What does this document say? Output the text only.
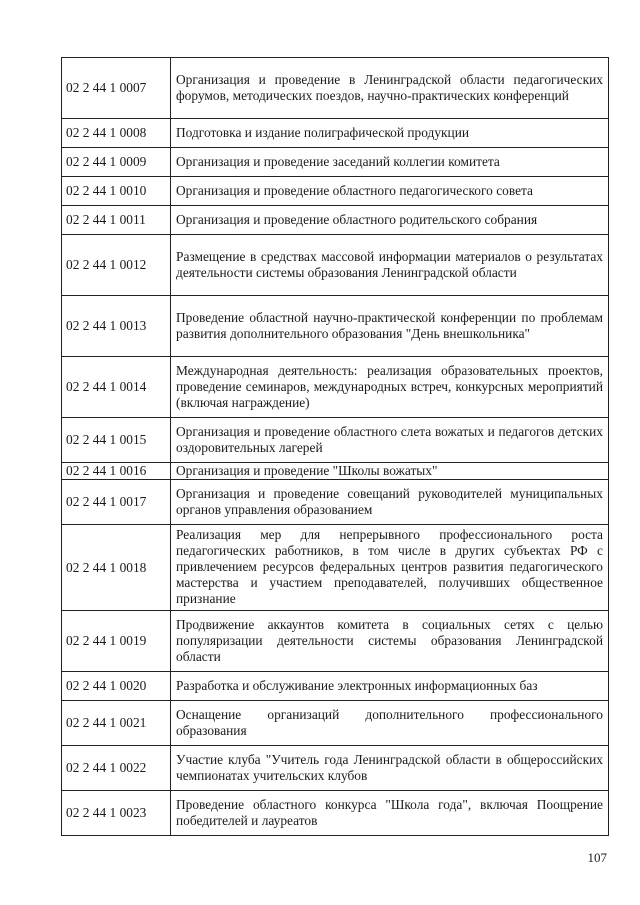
02 2 44 1 0007	Организация и проведение в Ленинградской области педагогических форумов, методических поездов, научно-практических конференций
02 2 44 1 0008	Подготовка и издание полиграфической продукции
02 2 44 1 0009	Организация и проведение заседаний коллегии комитета
02 2 44 1 0010	Организация и проведение областного педагогического совета
02 2 44 1 0011	Организация и проведение областного родительского собрания
02 2 44 1 0012	Размещение в средствах массовой информации материалов о результатах деятельности системы образования Ленинградской области
02 2 44 1 0013	Проведение областной научно-практической конференции по проблемам развития дополнительного образования "День внешкольника"
02 2 44 1 0014	Международная деятельность: реализация образовательных проектов, проведение семинаров, международных встреч, конкурсных мероприятий (включая награждение)
02 2 44 1 0015	Организация и проведение областного слета вожатых и педагогов детских оздоровительных лагерей
02 2 44 1 0016	Организация и проведение "Школы вожатых"
02 2 44 1 0017	Организация и проведение совещаний руководителей муниципальных органов управления образованием
02 2 44 1 0018	Реализация мер для непрерывного профессионального роста педагогических работников, в том числе в других субъектах РФ с привлечением ресурсов федеральных центров развития педагогического мастерства и участием преподавателей, получивших общественное признание
02 2 44 1 0019	Продвижение аккаунтов комитета в социальных сетях с целью популяризации деятельности системы образования Ленинградской области
02 2 44 1 0020	Разработка и обслуживание электронных информационных баз
02 2 44 1 0021	Оснащение организаций дополнительного профессионального образования
02 2 44 1 0022	Участие клуба "Учитель года Ленинградской области в общероссийских чемпионатах учительских клубов
02 2 44 1 0023	Проведение областного конкурса "Школа года", включая Поощрение победителей и лауреатов
107
